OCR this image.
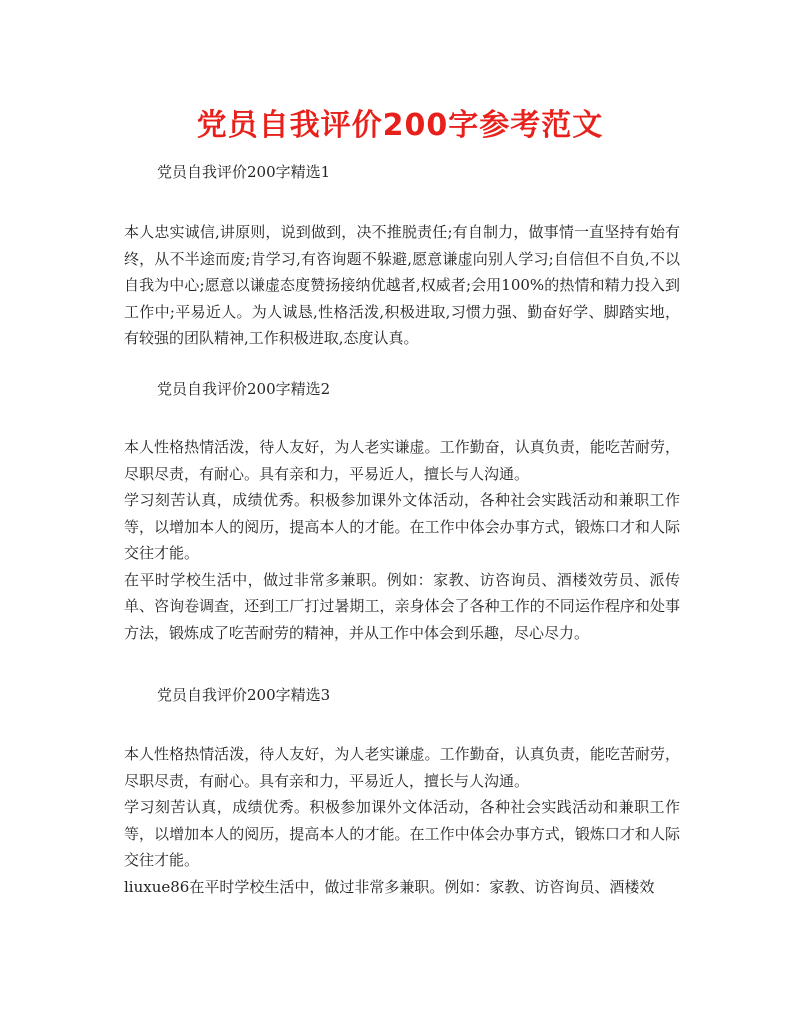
党员自我评价200字参考范文
党员自我评价200字精选1

本人忠实诚信,讲原则，说到做到，决不推脱责任;有自制力，做事情一直坚持有始有终，从不半途而废;肯学习,有咨询题不躲避,愿意谦虚向别人学习;自信但不自负,不以自我为中心;愿意以谦虚态度赞扬接纳优越者,权威者;会用100%的热情和精力投入到工作中;平易近人。为人诚恳,性格活泼,积极进取,习惯力强、勤奋好学、脚踏实地，有较强的团队精神,工作积极进取,态度认真。

党员自我评价200字精选2

本人性格热情活泼，待人友好，为人老实谦虚。工作勤奋，认真负责，能吃苦耐劳，尽职尽责，有耐心。具有亲和力，平易近人，擅长与人沟通。

学习刻苦认真，成绩优秀。积极参加课外文体活动，各种社会实践活动和兼职工作等，以增加本人的阅历，提高本人的才能。在工作中体会办事方式，锻炼口才和人际交往才能。

在平时学校生活中，做过非常多兼职。例如：家教、访咨询员、酒楼效劳员、派传单、咨询卷调查，还到工厂打过暑期工，亲身体会了各种工作的不同运作程序和处事方法，锻炼成了吃苦耐劳的精神，并从工作中体会到乐趣，尽心尽力。

党员自我评价200字精选3

本人性格热情活泼，待人友好，为人老实谦虚。工作勤奋，认真负责，能吃苦耐劳，尽职尽责，有耐心。具有亲和力，平易近人，擅长与人沟通。

学习刻苦认真，成绩优秀。积极参加课外文体活动，各种社会实践活动和兼职工作等，以增加本人的阅历，提高本人的才能。在工作中体会办事方式，锻炼口才和人际交往才能。

liuxue86在平时学校生活中，做过非常多兼职。例如：家教、访咨询员、酒楼效
